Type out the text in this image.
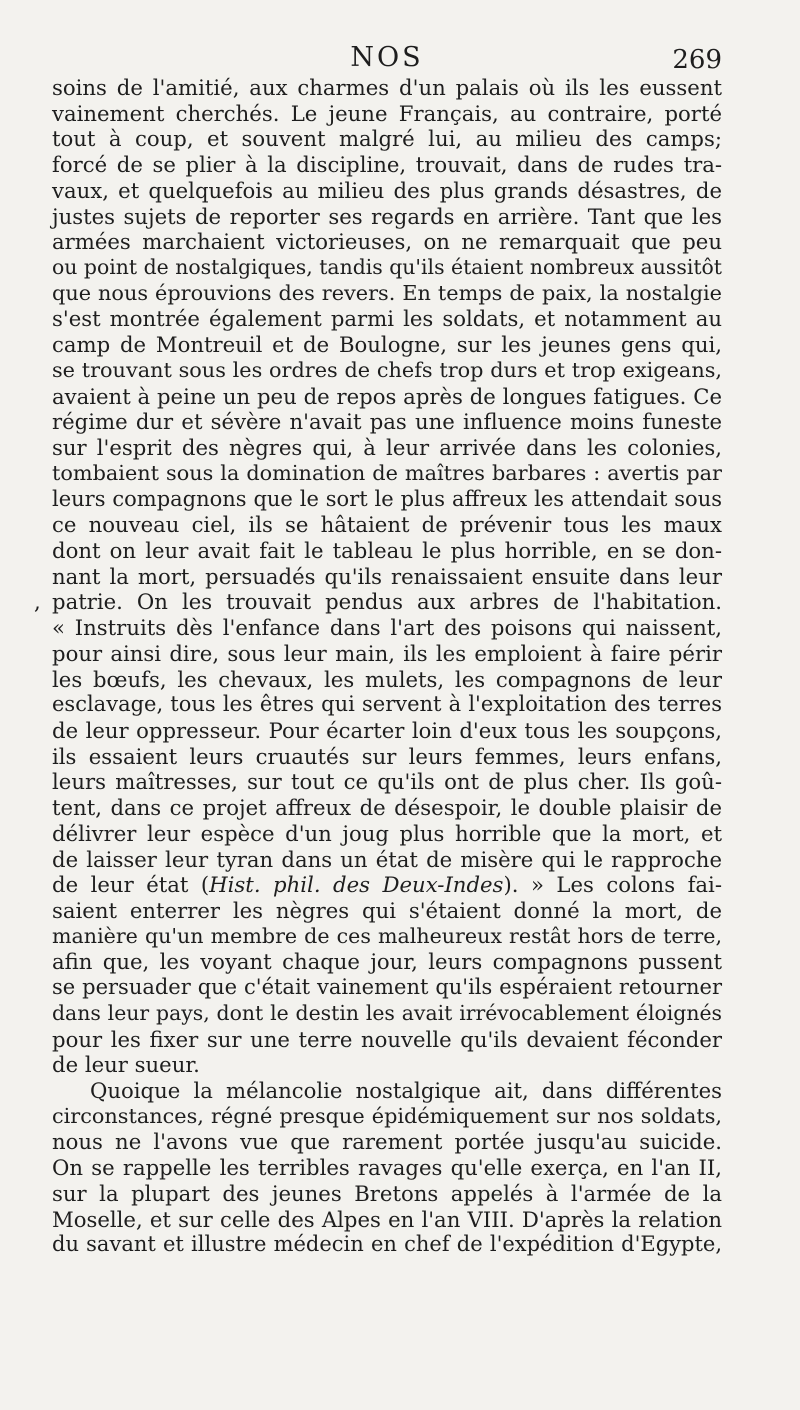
NOS	269
soins de l'amitié, aux charmes d'un palais où ils les eussent
vainement cherchés. Le jeune Français, au contraire, porté
tout à coup, et souvent malgré lui, au milieu des camps;
forcé de se plier à la discipline, trouvait, dans de rudes tra-
vaux, et quelquefois au milieu des plus grands désastres, de
justes sujets de reporter ses regards en arrière. Tant que les
armées marchaient victorieuses, on ne remarquait que peu
ou point de nostalgiques, tandis qu'ils étaient nombreux aussitôt
que nous éprouvions des revers. En temps de paix, la nostalgie
s'est montrée également parmi les soldats, et notamment au
camp de Montreuil et de Boulogne, sur les jeunes gens qui,
se trouvant sous les ordres de chefs trop durs et trop exigeans,
avaient à peine un peu de repos après de longues fatigues. Ce
régime dur et sévère n'avait pas une influence moins funeste
sur l'esprit des nègres qui, à leur arrivée dans les colonies,
tombaient sous la domination de maîtres barbares : avertis par
leurs compagnons que le sort le plus affreux les attendait sous
ce nouveau ciel, ils se hâtaient de prévenir tous les maux
dont on leur avait fait le tableau le plus horrible, en se don-
nant la mort, persuadés qu'ils renaissaient ensuite dans leur
, patrie. On les trouvait pendus aux arbres de l'habitation.
« Instruits dès l'enfance dans l'art des poisons qui naissent,
pour ainsi dire, sous leur main, ils les emploient à faire périr
les bœufs, les chevaux, les mulets, les compagnons de leur
esclavage, tous les êtres qui servent à l'exploitation des terres
de leur oppresseur. Pour écarter loin d'eux tous les soupçons,
ils essaient leurs cruautés sur leurs femmes, leurs enfans,
leurs maîtresses, sur tout ce qu'ils ont de plus cher. Ils goû-
tent, dans ce projet affreux de désespoir, le double plaisir de
délivrer leur espèce d'un joug plus horrible que la mort, et
de laisser leur tyran dans un état de misère qui le rapproche
de leur état (Hist. phil. des Deux-Indes). » Les colons fai-
saient enterrer les nègres qui s'étaient donné la mort, de
manière qu'un membre de ces malheureux restât hors de terre,
afin que, les voyant chaque jour, leurs compagnons pussent
se persuader que c'était vainement qu'ils espéraient retourner
dans leur pays, dont le destin les avait irrévocablement éloignés
pour les fixer sur une terre nouvelle qu'ils devaient féconder
de leur sueur.
Quoique la mélancolie nostalgique ait, dans différentes
circonstances, régné presque épidémiquement sur nos soldats,
nous ne l'avons vue que rarement portée jusqu'au suicide.
On se rappelle les terribles ravages qu'elle exerça, en l'an II,
sur la plupart des jeunes Bretons appelés à l'armée de la
Moselle, et sur celle des Alpes en l'an VIII. D'après la relation
du savant et illustre médecin en chef de l'expédition d'Egypte,
